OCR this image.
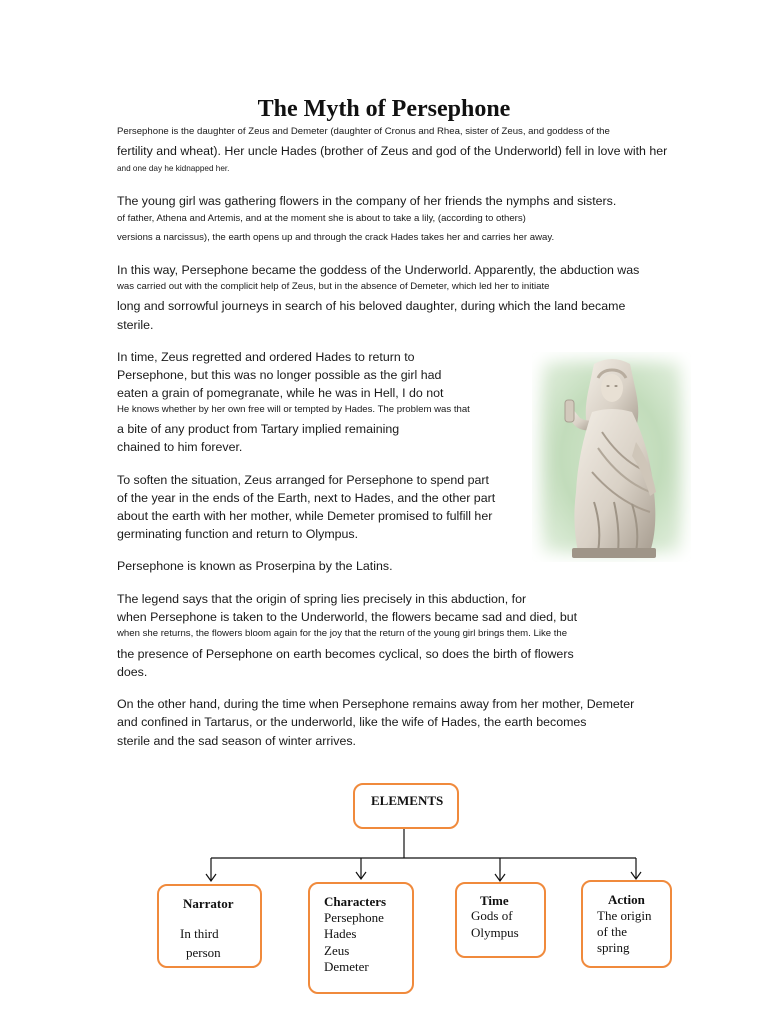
The Myth of Persephone
Persephone is the daughter of Zeus and Demeter (daughter of Cronus and Rhea, sister of Zeus, and goddess of the
fertility and wheat). Her uncle Hades (brother of Zeus and god of the Underworld) fell in love with her
and one day he kidnapped her.
The young girl was gathering flowers in the company of her friends the nymphs and sisters.
of father, Athena and Artemis, and at the moment she is about to take a lily, (according to others)
versions a narcissus), the earth opens up and through the crack Hades takes her and carries her away.
In this way, Persephone became the goddess of the Underworld. Apparently, the abduction was
was carried out with the complicit help of Zeus, but in the absence of Demeter, which led her to initiate
long and sorrowful journeys in search of his beloved daughter, during which the land became
sterile.
In time, Zeus regretted and ordered Hades to return to
Persephone, but this was no longer possible as the girl had
eaten a grain of pomegranate, while he was in Hell, I do not
He knows whether by her own free will or tempted by Hades. The problem was that
a bite of any product from Tartary implied remaining
chained to him forever.
To soften the situation, Zeus arranged for Persephone to spend part
of the year in the ends of the Earth, next to Hades, and the other part
about the earth with her mother, while Demeter promised to fulfill her
germinating function and return to Olympus.
Persephone is known as Proserpina by the Latins.
The legend says that the origin of spring lies precisely in this abduction, for
when Persephone is taken to the Underworld, the flowers became sad and died, but
when she returns, the flowers bloom again for the joy that the return of the young girl brings them. Like the
the presence of Persephone on earth becomes cyclical, so does the birth of flowers
does.
On the other hand, during the time when Persephone remains away from her mother, Demeter
and confined in Tartarus, or the underworld, like the wife of Hades, the earth becomes
sterile and the sad season of winter arrives.
ELEMENTS
Narrator
In third
person
Characters
Persephone
Hades
Zeus
Demeter
Time
Gods of
Olympus
Action
The origin
of the
spring
